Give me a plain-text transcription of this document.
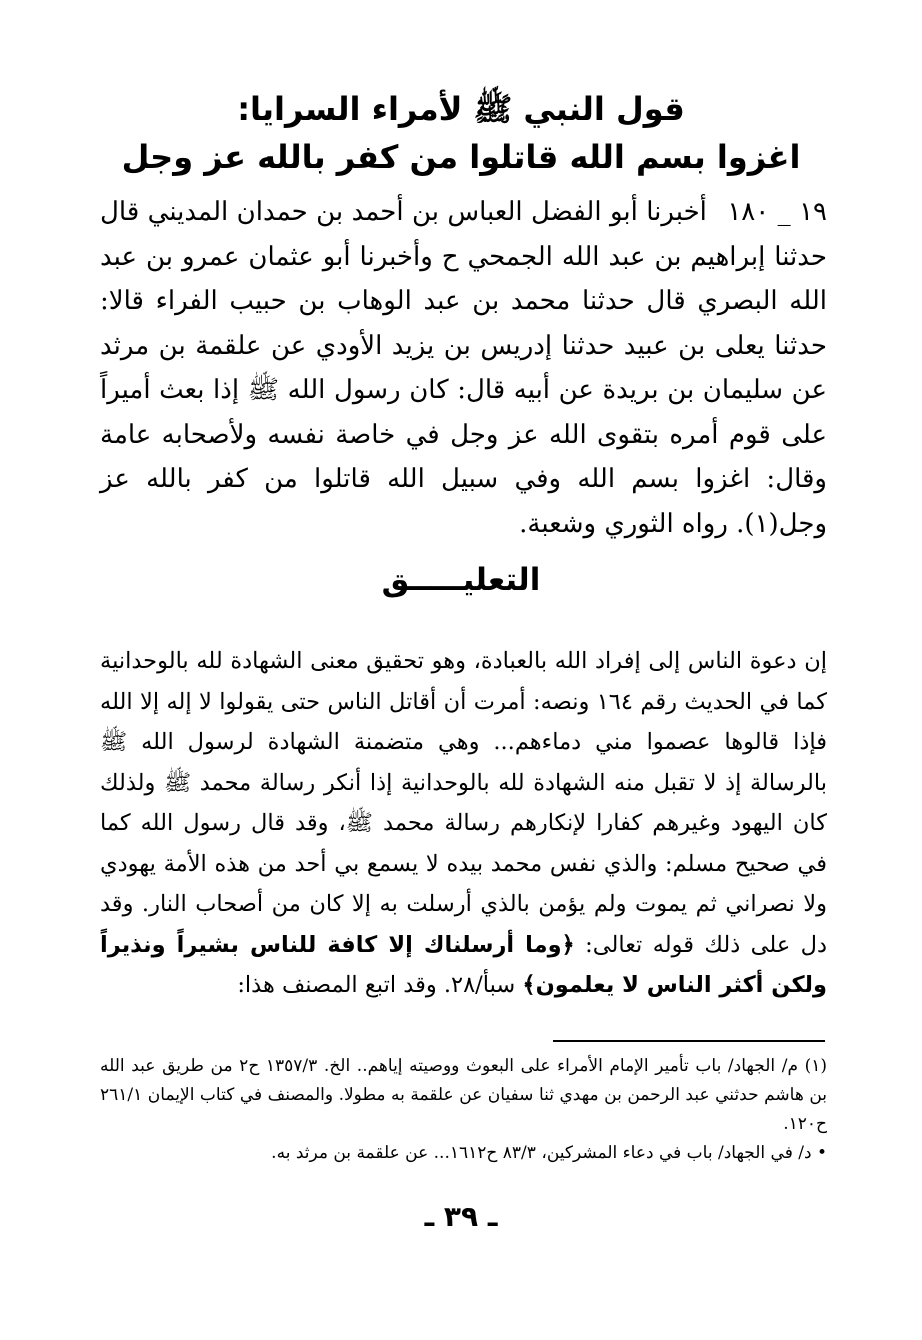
قول النبي ﷺ لأمراء السرايا:
اغزوا بسم الله قاتلوا من كفر بالله عز وجل
١٩ _ ١٨٠ أخبرنا أبو الفضل العباس بن أحمد بن حمدان المديني قال حدثنا إبراهيم بن عبد الله الجمحي ح وأخبرنا أبو عثمان عمرو بن عبد الله البصري قال حدثنا محمد بن عبد الوهاب بن حبيب الفراء قالا: حدثنا يعلى بن عبيد حدثنا إدريس بن يزيد الأودي عن علقمة بن مرثد عن سليمان بن بريدة عن أبيه قال: كان رسول الله ﷺ إذا بعث أميراً على قوم أمره بتقوى الله عز وجل في خاصة نفسه ولأصحابه عامة وقال: اغزوا بسم الله وفي سبيل الله قاتلوا من كفر بالله عز وجل(١). رواه الثوري وشعبة.
التعليـــــق
إن دعوة الناس إلى إفراد الله بالعبادة، وهو تحقيق معنى الشهادة لله بالوحدانية كما في الحديث رقم ١٦٤ ونصه: أمرت أن أقاتل الناس حتى يقولوا لا إله إلا الله فإذا قالوها عصموا مني دماءهم... وهي متضمنة الشهادة لرسول الله ﷺ بالرسالة إذ لا تقبل منه الشهادة لله بالوحدانية إذا أنكر رسالة محمد ﷺ ولذلك كان اليهود وغيرهم كفارا لإنكارهم رسالة محمد ﷺ، وقد قال رسول الله كما في صحيح مسلم: والذي نفس محمد بيده لا يسمع بي أحد من هذه الأمة يهودي ولا نصراني ثم يموت ولم يؤمن بالذي أرسلت به إلا كان من أصحاب النار. وقد دل على ذلك قوله تعالى: ﴿وما أرسلناك إلا كافة للناس بشيراً ونذيراً ولكن أكثر الناس لا يعلمون﴾ سبأ/٢٨. وقد اتبع المصنف هذا:

(١) م/ الجهاد/ باب تأمير الإمام الأمراء على البعوث ووصيته إياهم.. الخ. ١٣٥٧/٣ ح٢ من طريق عبد الله بن هاشم حدثني عبد الرحمن بن مهدي ثنا سفيان عن علقمة به مطولا. والمصنف في كتاب الإيمان ٢٦١/١ ح١٢٠.

• د/ في الجهاد/ باب في دعاء المشركين، ٨٣/٣ ح١٦١٢... عن علقمة بن مرثد به.

ـ ٣٩ ـ
